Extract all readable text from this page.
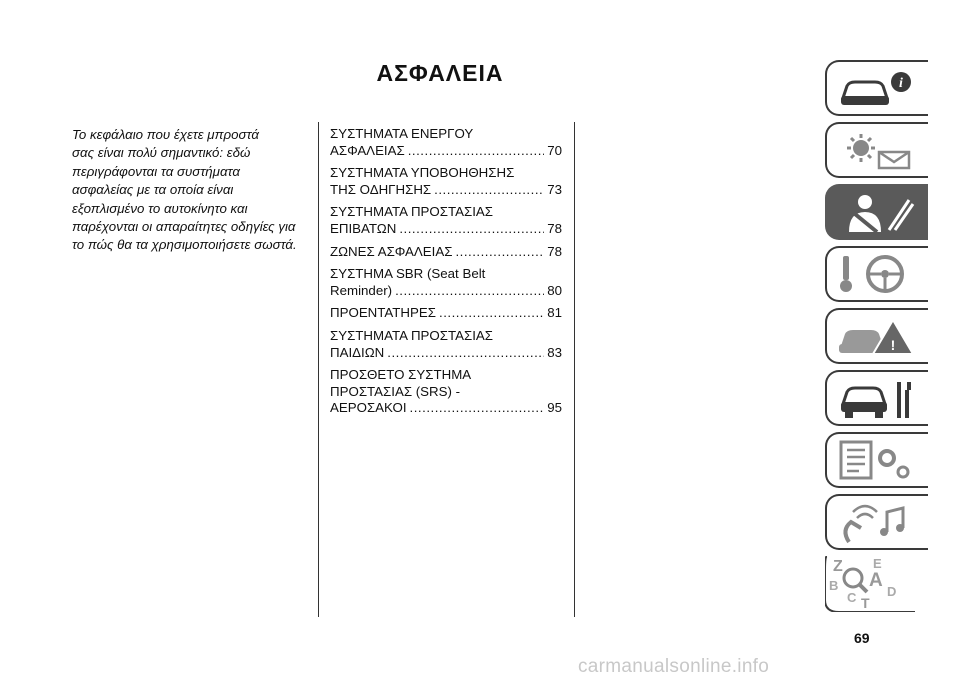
ΑΣΦΑΛΕΙΑ
Το κεφάλαιο που έχετε μπροστά
σας είναι πολύ σημαντικό: εδώ
περιγράφονται τα συστήματα
ασφαλείας με τα οποία είναι
εξοπλισμένο το αυτοκίνητο και
παρέχονται οι απαραίτητες οδηγίες για
το πώς θα τα χρησιμοποιήσετε σωστά.
ΣΥΣΤΗΜΑΤΑ ΕΝΕΡΓΟΥ
ΑΣΦΑΛΕΙΑΣ .....	70
ΣΥΣΤΗΜΑΤΑ ΥΠΟΒΟΗΘΗΣΗΣ
ΤΗΣ ΟΔΗΓΗΣΗΣ .....	73
ΣΥΣΤΗΜΑΤΑ ΠΡΟΣΤΑΣΙΑΣ
ΕΠΙΒΑΤΩΝ .....	78
ΖΩΝΕΣ ΑΣΦΑΛΕΙΑΣ .....	78
ΣΥΣΤΗΜΑ SBR (Seat Belt
Reminder) .....	80
ΠΡΟΕΝΤΑΤΗΡΕΣ .....	81
ΣΥΣΤΗΜΑΤΑ ΠΡΟΣΤΑΣΙΑΣ
ΠΑΙΔΙΩΝ .....	83
ΠΡΟΣΘΕΤΟ ΣΥΣΤΗΜΑ
ΠΡΟΣΤΑΣΙΑΣ (SRS) -
ΑΕΡΟΣΑΚΟΙ .....	95
i
!
Z E
A
B
C D
T
69
carmanualsonline.info
